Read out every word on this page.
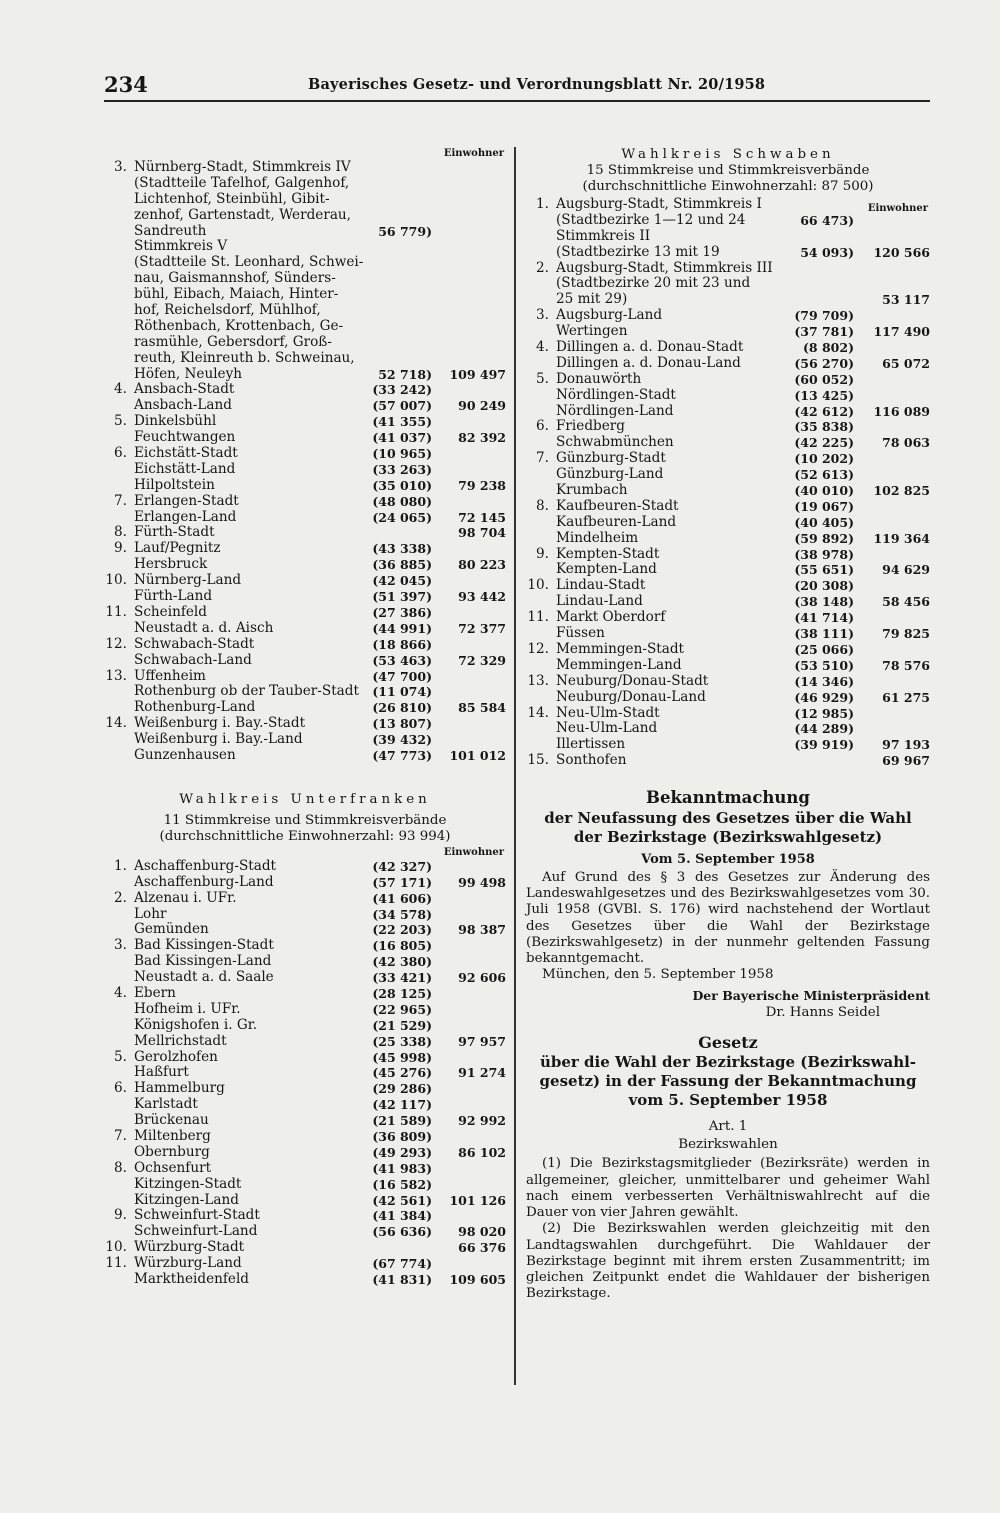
234	Bayerisches Gesetz- und Verordnungsblatt Nr. 20/1958
Einwohner
3. Nürnberg-Stadt, Stimmkreis IV
(Stadtteile Tafelhof, Galgenhof,
Lichtenhof, Steinbühl, Gibit-
zenhof, Gartenstadt, Werderau,
Sandreuth	56 779)
Stimmkreis V
(Stadtteile St. Leonhard, Schwei-
nau, Gaismannshof, Sünders-
bühl, Eibach, Maiach, Hinter-
hof, Reichelsdorf, Mühlhof,
Röthenbach, Krottenbach, Ge-
rasmühle, Gebersdorf, Groß-
reuth, Kleinreuth b. Schweinau,
Höfen, Neuleyh	52 718) 109 497
4. Ansbach-Stadt	(33 242)
Ansbach-Land	(57 007) 90 249
5. Dinkelsbühl	(41 355)
Feuchtwangen	(41 037) 82 392
6. Eichstätt-Stadt	(10 965)
Eichstätt-Land	(33 263)
Hilpoltstein	(35 010) 79 238
7. Erlangen-Stadt	(48 080)
Erlangen-Land	(24 065) 72 145
8. Fürth-Stadt	98 704
9. Lauf/Pegnitz	(43 338)
Hersbruck	(36 885) 80 223
10. Nürnberg-Land	(42 045)
Fürth-Land	(51 397) 93 442
11. Scheinfeld	(27 386)
Neustadt a. d. Aisch	(44 991) 72 377
12. Schwabach-Stadt	(18 866)
Schwabach-Land	(53 463) 72 329
13. Uffenheim	(47 700)
Rothenburg ob der Tauber-Stadt (11 074)
Rothenburg-Land	(26 810) 85 584
14. Weißenburg i. Bay.-Stadt	(13 807)
Weißenburg i. Bay.-Land	(39 432)
Gunzenhausen	(47 773) 101 012
Wahlkreis Unterfranken
11 Stimmkreise und Stimmkreisverbände
(durchschnittliche Einwohnerzahl: 93 994)
Einwohner
1. Aschaffenburg-Stadt	(42 327)
Aschaffenburg-Land	(57 171) 99 498
2. Alzenau i. UFr.	(41 606)
Lohr	(34 578)
Gemünden	(22 203) 98 387
3. Bad Kissingen-Stadt	(16 805)
Bad Kissingen-Land	(42 380)
Neustadt a. d. Saale	(33 421) 92 606
4. Ebern	(28 125)
Hofheim i. UFr.	(22 965)
Königshofen i. Gr.	(21 529)
Mellrichstadt	(25 338) 97 957
5. Gerolzhofen	(45 998)
Haßfurt	(45 276) 91 274
6. Hammelburg	(29 286)
Karlstadt	(42 117)
Brückenau	(21 589) 92 992
7. Miltenberg	(36 809)
Obernburg	(49 293) 86 102
8. Ochsenfurt	(41 983)
Kitzingen-Stadt	(16 582)
Kitzingen-Land	(42 561) 101 126
9. Schweinfurt-Stadt	(41 384)
Schweinfurt-Land	(56 636) 98 020
10. Würzburg-Stadt	66 376
11. Würzburg-Land	(67 774)
Marktheidenfeld	(41 831) 109 605
Wahlkreis Schwaben
15 Stimmkreise und Stimmkreisverbände
(durchschnittliche Einwohnerzahl: 87 500)
Einwohner
1. Augsburg-Stadt, Stimmkreis I
(Stadtbezirke 1—12 und 24	66 473)
Stimmkreis II
(Stadtbezirke 13 mit 19	54 093) 120 566
2. Augsburg-Stadt, Stimmkreis III
(Stadtbezirke 20 mit 23 und
25 mit 29)	53 117
3. Augsburg-Land	(79 709)
Wertingen	(37 781) 117 490
4. Dillingen a. d. Donau-Stadt	(8 802)
Dillingen a. d. Donau-Land	(56 270) 65 072
5. Donauwörth	(60 052)
Nördlingen-Stadt	(13 425)
Nördlingen-Land	(42 612) 116 089
6. Friedberg	(35 838)
Schwabmünchen	(42 225) 78 063
7. Günzburg-Stadt	(10 202)
Günzburg-Land	(52 613)
Krumbach	(40 010) 102 825
8. Kaufbeuren-Stadt	(19 067)
Kaufbeuren-Land	(40 405)
Mindelheim	(59 892) 119 364
9. Kempten-Stadt	(38 978)
Kempten-Land	(55 651) 94 629
10. Lindau-Stadt	(20 308)
Lindau-Land	(38 148) 58 456
11. Markt Oberdorf	(41 714)
Füssen	(38 111) 79 825
12. Memmingen-Stadt	(25 066)
Memmingen-Land	(53 510) 78 576
13. Neuburg/Donau-Stadt	(14 346)
Neuburg/Donau-Land	(46 929) 61 275
14. Neu-Ulm-Stadt	(12 985)
Neu-Ulm-Land	(44 289)
Illertissen	(39 919) 97 193
15. Sonthofen	69 967
Bekanntmachung
der Neufassung des Gesetzes über die Wahl
der Bezirkstage (Bezirkswahlgesetz)
Vom 5. September 1958

Auf Grund des § 3 des Gesetzes zur Änderung des Landeswahlgesetzes und des Bezirkswahlgesetzes vom 30. Juli 1958 (GVBl. S. 176) wird nachstehend der Wortlaut des Gesetzes über die Wahl der Bezirkstage (Bezirkswahlgesetz) in der nunmehr geltenden Fassung bekanntgemacht.

München, den 5. September 1958

Der Bayerische Ministerpräsident
Dr. Hanns Seidel
Gesetz
über die Wahl der Bezirkstage (Bezirkswahl-
gesetz) in der Fassung der Bekanntmachung
vom 5. September 1958
Art. 1
Bezirkswahlen

(1) Die Bezirkstagsmitglieder (Bezirksräte) werden in allgemeiner, gleicher, unmittelbarer und geheimer Wahl nach einem verbesserten Verhältniswahlrecht auf die Dauer von vier Jahren gewählt.

(2) Die Bezirkswahlen werden gleichzeitig mit den Landtagswahlen durchgeführt. Die Wahldauer der Bezirkstage beginnt mit ihrem ersten Zusammentritt; im gleichen Zeitpunkt endet die Wahldauer der bisherigen Bezirkstage.
